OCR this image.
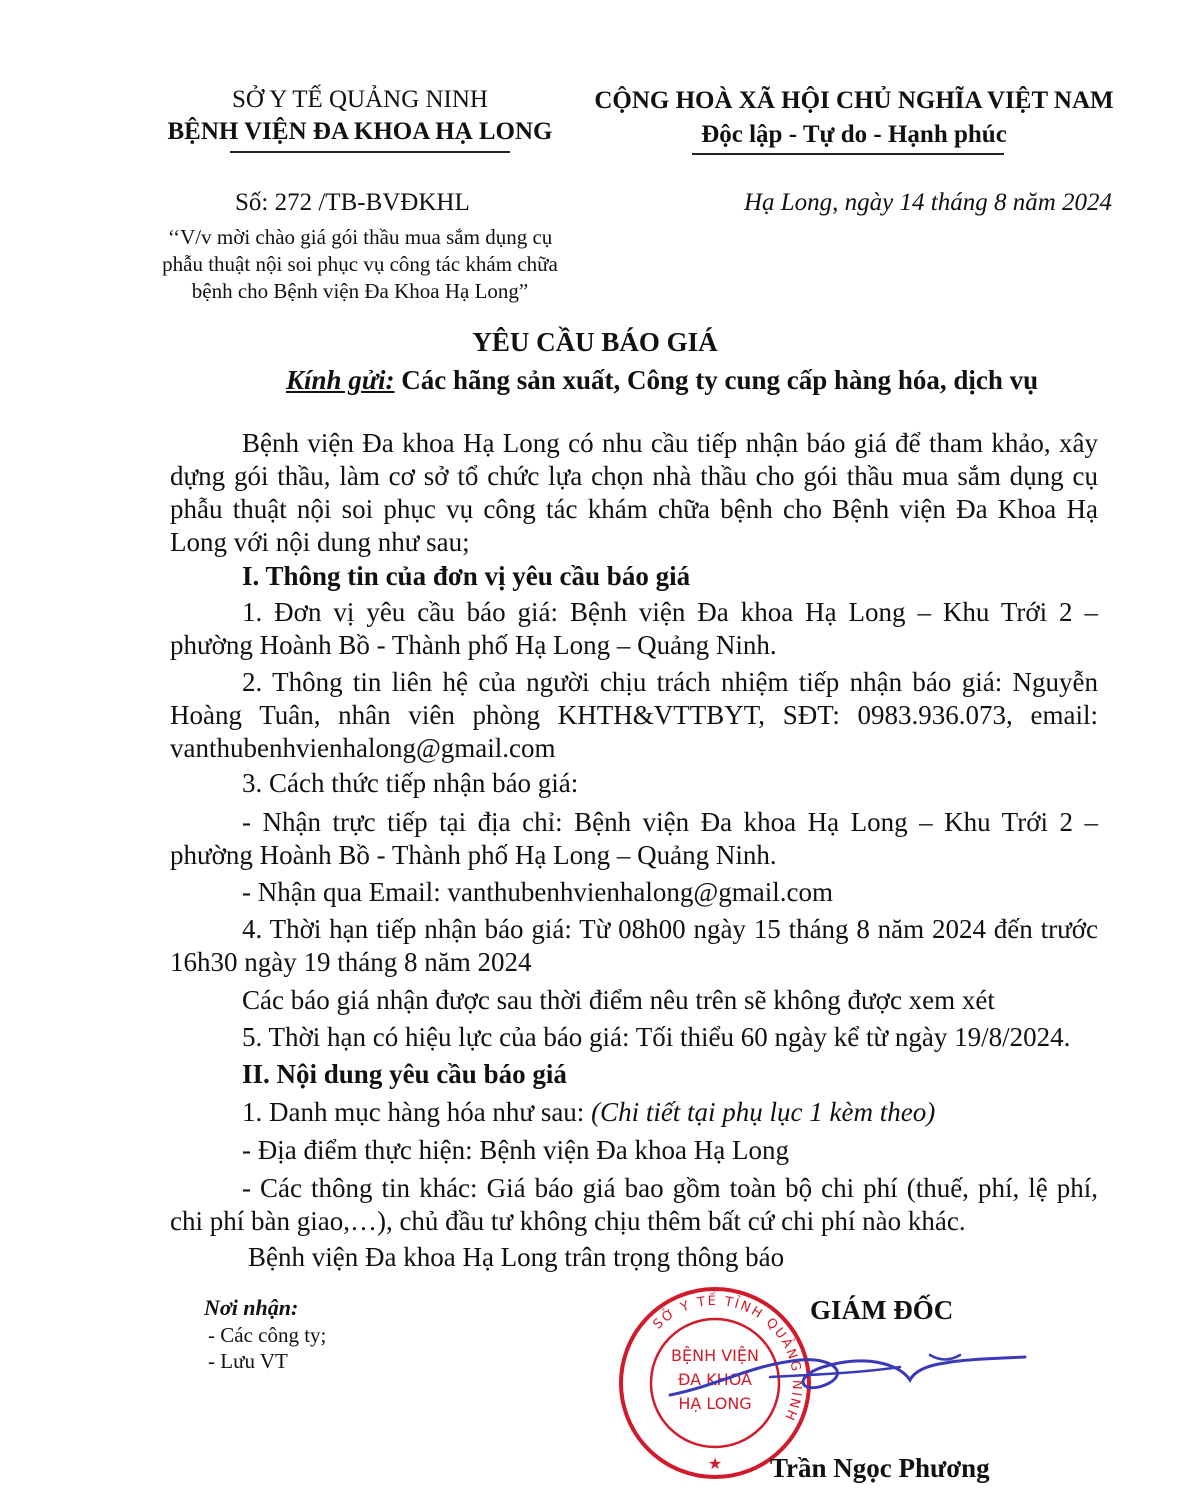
SỞ Y TẾ QUẢNG NINH
BỆNH VIỆN ĐA KHOA HẠ LONG
CỘNG HOÀ XÃ HỘI CHỦ NGHĨA VIỆT NAM
Độc lập - Tự do - Hạnh phúc
Số: 272 /TB-BVĐKHL	Hạ Long, ngày 14 tháng 8 năm 2024
‘‘V/v mời chào giá gói thầu mua sắm dụng cụ
phẫu thuật nội soi phục vụ công tác khám chữa
bệnh cho Bệnh viện Đa Khoa Hạ Long”
YÊU CẦU BÁO GIÁ
Kính gửi: Các hãng sản xuất, Công ty cung cấp hàng hóa, dịch vụ
Bệnh viện Đa khoa Hạ Long có nhu cầu tiếp nhận báo giá để tham khảo, xây dựng gói thầu, làm cơ sở tổ chức lựa chọn nhà thầu cho gói thầu mua sắm dụng cụ phẫu thuật nội soi phục vụ công tác khám chữa bệnh cho Bệnh viện Đa Khoa Hạ Long với nội dung như sau;
I. Thông tin của đơn vị yêu cầu báo giá
1. Đơn vị yêu cầu báo giá: Bệnh viện Đa khoa Hạ Long – Khu Trới 2 – phường Hoành Bồ - Thành phố Hạ Long – Quảng Ninh.
2. Thông tin liên hệ của người chịu trách nhiệm tiếp nhận báo giá: Nguyễn Hoàng Tuân, nhân viên phòng KHTH&VTTBYT, SĐT: 0983.936.073, email: vanthubenhvienhalong@gmail.com
3. Cách thức tiếp nhận báo giá:
- Nhận trực tiếp tại địa chỉ: Bệnh viện Đa khoa Hạ Long – Khu Trới 2 – phường Hoành Bồ - Thành phố Hạ Long – Quảng Ninh.
- Nhận qua Email: vanthubenhvienhalong@gmail.com
4. Thời hạn tiếp nhận báo giá: Từ 08h00 ngày 15 tháng 8 năm 2024 đến trước 16h30 ngày 19 tháng 8 năm 2024
Các báo giá nhận được sau thời điểm nêu trên sẽ không được xem xét
5. Thời hạn có hiệu lực của báo giá: Tối thiểu 60 ngày kể từ ngày 19/8/2024.
II. Nội dung yêu cầu báo giá
1. Danh mục hàng hóa như sau: (Chi tiết tại phụ lục 1 kèm theo)
- Địa điểm thực hiện: Bệnh viện Đa khoa Hạ Long
- Các thông tin khác: Giá báo giá bao gồm toàn bộ chi phí (thuế, phí, lệ phí, chi phí bàn giao,…), chủ đầu tư không chịu thêm bất cứ chi phí nào khác.
Bệnh viện Đa khoa Hạ Long trân trọng thông báo
Nơi nhận:
- Các công ty;
- Lưu VT
GIÁM ĐỐC
SỞ Y TẾ TỈNH QUẢNG NINH
BỆNH VIỆN
ĐA KHOA
HẠ LONG
★ Trần Ngọc Phương
